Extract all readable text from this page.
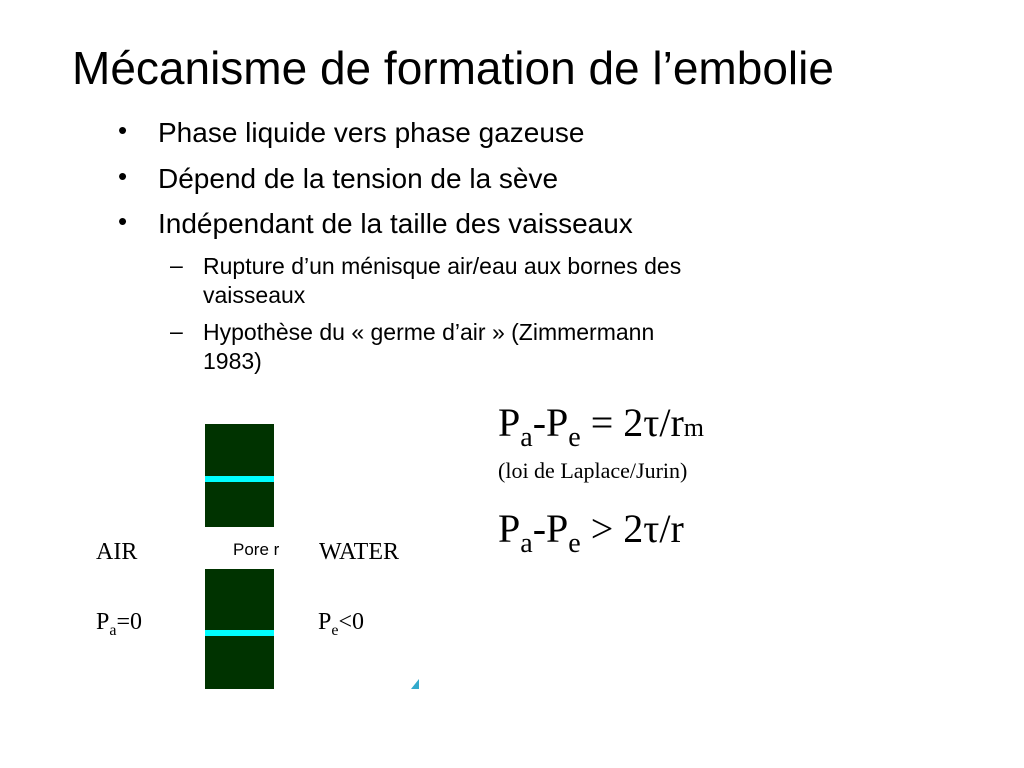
Mécanisme de formation de l’embolie
• Phase liquide vers phase gazeuse
• Dépend de la tension de la sève
• Indépendant de la taille des vaisseaux
– Rupture d’un ménisque air/eau aux bornes des
vaisseaux
– Hypothèse du « germe d’air » (Zimmermann
1983)
AIR	Pore r WATER
$P_a=0$	$P_e<0$
$P_a-P_e = 2\tau/rm$
(loi de Laplace/Jurin)
$P_a-P_e > 2\tau/r$
